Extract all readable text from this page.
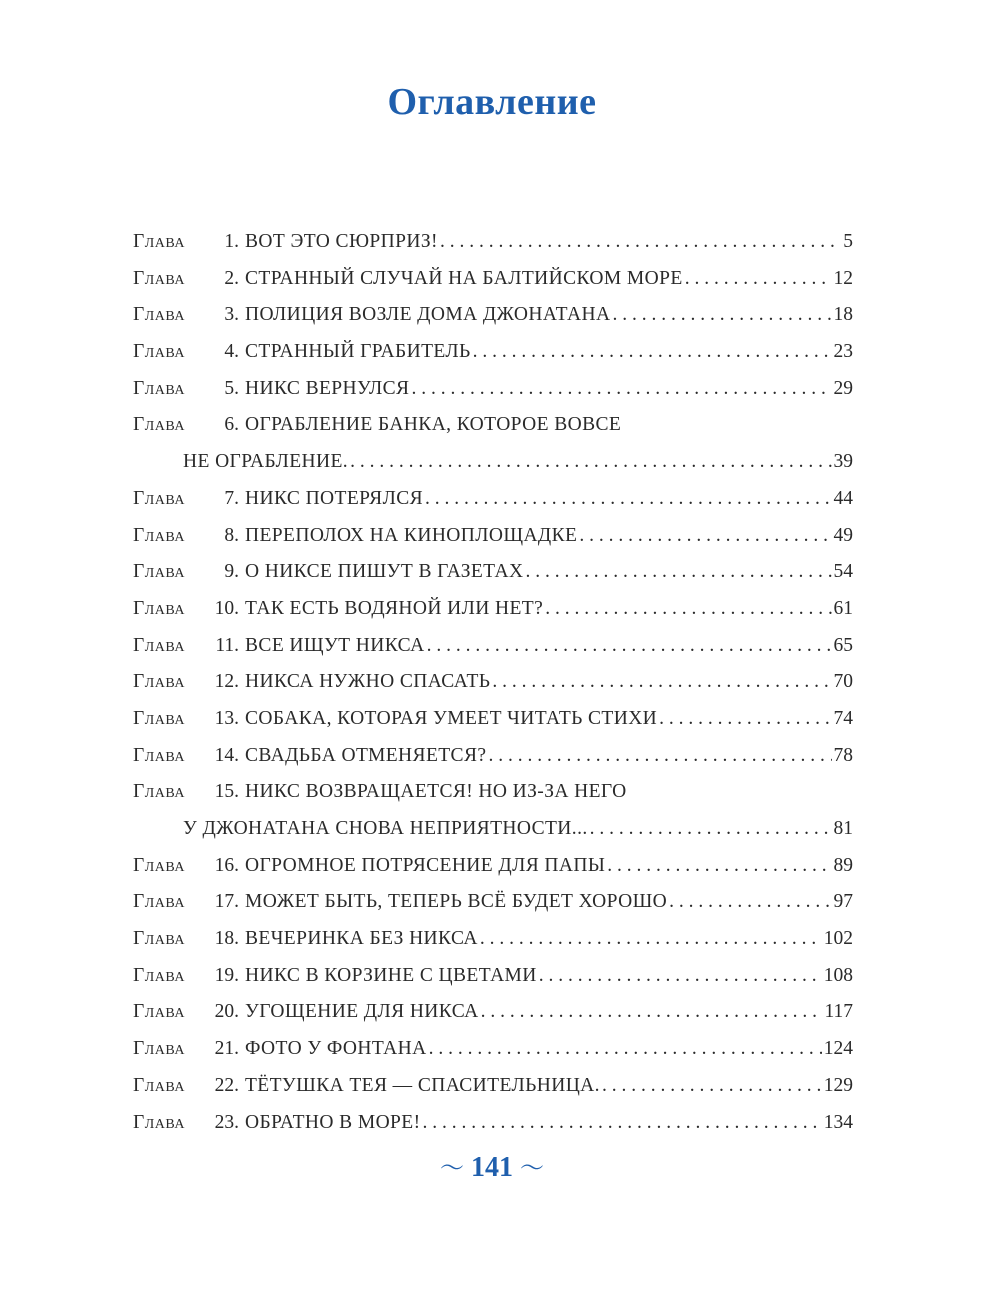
Оглавление
Глава	1. ВОТ ЭТО СЮРПРИЗ! . . .	5
Глава	2. СТРАННЫЙ СЛУЧАЙ НА БАЛТИЙСКОМ МОРЕ . . .	12
Глава	3. ПОЛИЦИЯ ВОЗЛЕ ДОМА ДЖОНАТАНА . . .	18
Глава	4. СТРАННЫЙ ГРАБИТЕЛЬ . . .	23
Глава	5. НИКС ВЕРНУЛСЯ . . .	29
Глава	6. ОГРАБЛЕНИЕ БАНКА, КОТОРОЕ ВОВСЕ
НЕ ОГРАБЛЕНИЕ. . . .	39
Глава	7. НИКС ПОТЕРЯЛСЯ . . .	44
Глава	8. ПЕРЕПОЛОХ НА КИНОПЛОЩАДКЕ . . .	49
Глава	9. О НИКСЕ ПИШУТ В ГАЗЕТАХ . . .	54
Глава	10. ТАК ЕСТЬ ВОДЯНОЙ ИЛИ НЕТ? . . .	61
Глава	11. ВСЕ ИЩУТ НИКСА . . .	65
Глава	12. НИКСА НУЖНО СПАСАТЬ . . .	70
Глава	13. СОБАКА, КОТОРАЯ УМЕЕТ ЧИТАТЬ СТИХИ . . .	74
Глава	14. СВАДЬБА ОТМЕНЯЕТСЯ? . . .	78
Глава	15. НИКС ВОЗВРАЩАЕТСЯ! НО ИЗ-ЗА НЕГО
У ДЖОНАТАНА СНОВА НЕПРИЯТНОСТИ... . . .	81
Глава	16. ОГРОМНОЕ ПОТРЯСЕНИЕ ДЛЯ ПАПЫ . . .	89
Глава	17. МОЖЕТ БЫТЬ, ТЕПЕРЬ ВСЁ БУДЕТ ХОРОШО . . .	97
Глава	18. ВЕЧЕРИНКА БЕЗ НИКСА . . .	102
Глава	19. НИКС В КОРЗИНЕ С ЦВЕТАМИ . . .	108
Глава	20. УГОЩЕНИЕ ДЛЯ НИКСА . . .	117
Глава	21. ФОТО У ФОНТАНА . . .	124
Глава	22. ТЁТУШКА ТЕЯ — СПАСИТЕЛЬНИЦА. . . .	129
Глава	23. ОБРАТНО В МОРЕ! . . .	134
〜 141 〜
